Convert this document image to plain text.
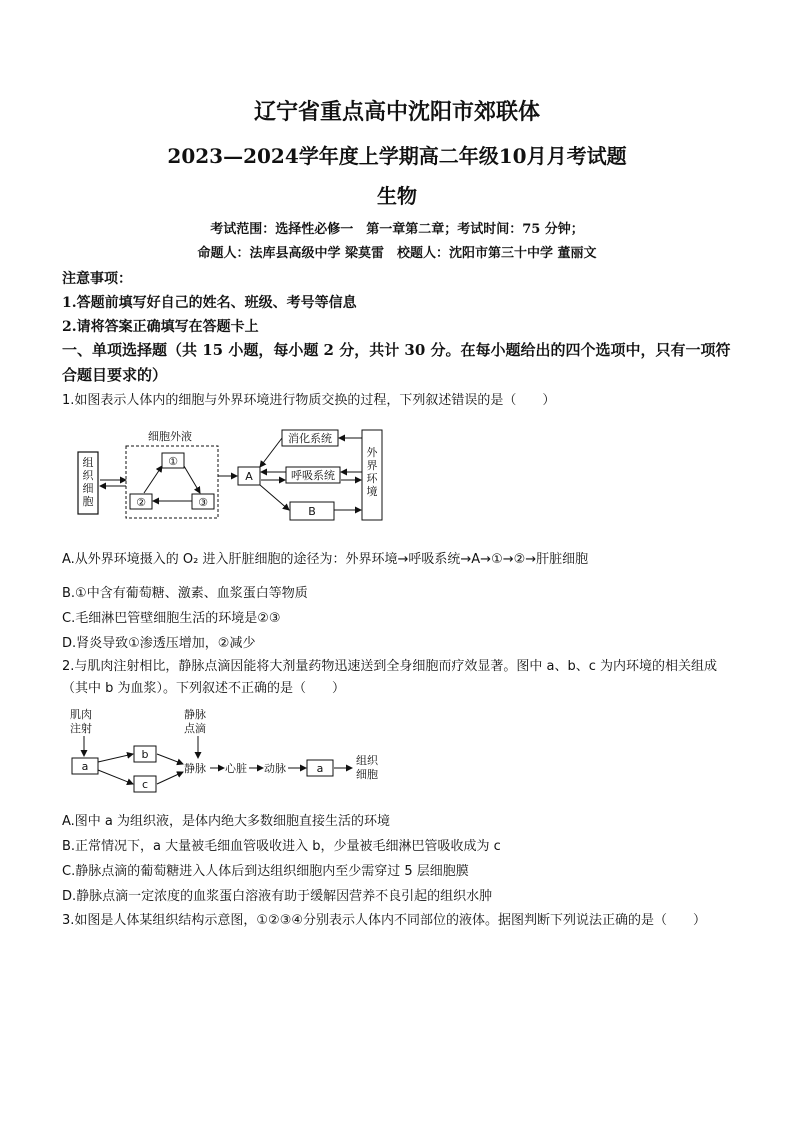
辽宁省重点高中沈阳市郊联体
2023—2024学年度上学期高二年级10月月考试题
生物
考试范围：选择性必修一　第一章第二章；考试时间：75 分钟；
命题人：法库县高级中学 梁莫雷　校题人：沈阳市第三十中学 董丽文
注意事项：
1.答题前填写好自己的姓名、班级、考号等信息
2.请将答案正确填写在答题卡上
一、单项选择题（共 15 小题，每小题 2 分，共计 30 分。在每小题给出的四个选项中，只有一项符合题目要求的）
1.如图表示人体内的细胞与外界环境进行物质交换的过程，下列叙述错误的是（　　）
组织细胞
细胞外液
①
②	③
A
消化系统
呼吸系统
B
外界环境
A.从外界环境摄入的 O₂ 进入肝脏细胞的途径为：外界环境→呼吸系统→A→①→②→肝脏细胞
B.①中含有葡萄糖、激素、血浆蛋白等物质
C.毛细淋巴管壁细胞生活的环境是②③
D.肾炎导致①渗透压增加，②减少
2.与肌肉注射相比，静脉点滴因能将大剂量药物迅速送到全身细胞而疗效显著。图中 a、b、c 为内环境的相关组成（其中 b 为血浆）。下列叙述不正确的是（　　）
肌肉注射
a
b
c
静脉点滴
静脉 心脏 动脉	a
组织细胞
A.图中 a 为组织液，是体内绝大多数细胞直接生活的环境
B.正常情况下，a 大量被毛细血管吸收进入 b，少量被毛细淋巴管吸收成为 c
C.静脉点滴的葡萄糖进入人体后到达组织细胞内至少需穿过 5 层细胞膜
D.静脉点滴一定浓度的血浆蛋白溶液有助于缓解因营养不良引起的组织水肿
3.如图是人体某组织结构示意图，①②③④分别表示人体内不同部位的液体。据图判断下列说法正确的是（　　）
